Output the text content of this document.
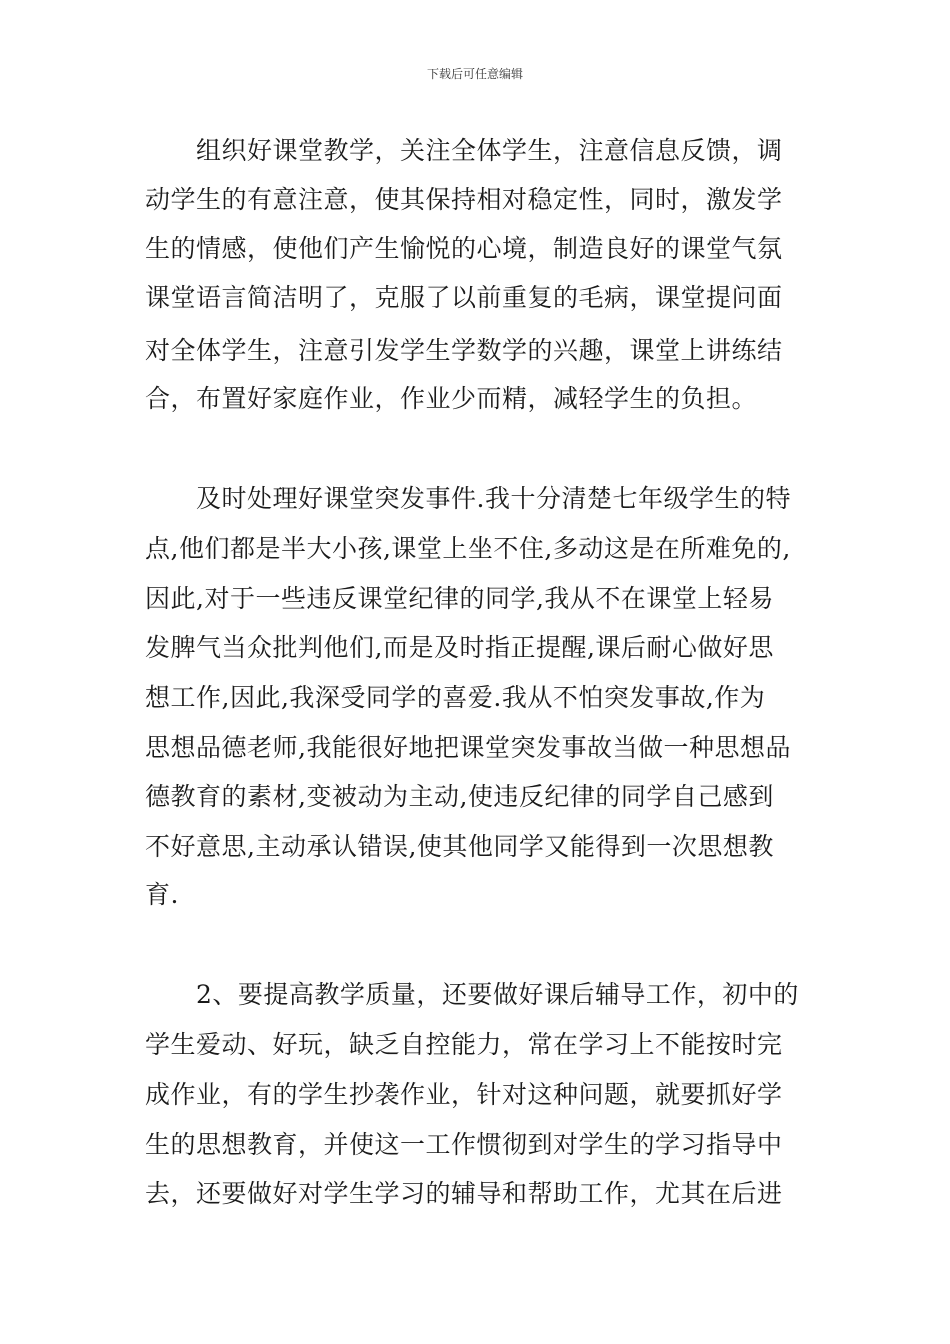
下载后可任意编辑
组织好课堂教学，关注全体学生，注意信息反馈，调
动学生的有意注意，使其保持相对稳定性，同时，激发学
生的情感，使他们产生愉悦的心境，制造良好的课堂气氛
课堂语言简洁明了，克服了以前重复的毛病，课堂提问面
对全体学生，注意引发学生学数学的兴趣，课堂上讲练结
合，布置好家庭作业，作业少而精，减轻学生的负担。
及时处理好课堂突发事件.我十分清楚七年级学生的特
点,他们都是半大小孩,课堂上坐不住,多动这是在所难免的,
因此,对于一些违反课堂纪律的同学,我从不在课堂上轻易
发脾气当众批判他们,而是及时指正提醒,课后耐心做好思
想工作,因此,我深受同学的喜爱.我从不怕突发事故,作为
思想品德老师,我能很好地把课堂突发事故当做一种思想品
德教育的素材,变被动为主动,使违反纪律的同学自己感到
不好意思,主动承认错误,使其他同学又能得到一次思想教
育.
2、要提高教学质量，还要做好课后辅导工作，初中的
学生爱动、好玩，缺乏自控能力，常在学习上不能按时完
成作业，有的学生抄袭作业，针对这种问题，就要抓好学
生的思想教育，并使这一工作惯彻到对学生的学习指导中
去，还要做好对学生学习的辅导和帮助工作，尤其在后进
